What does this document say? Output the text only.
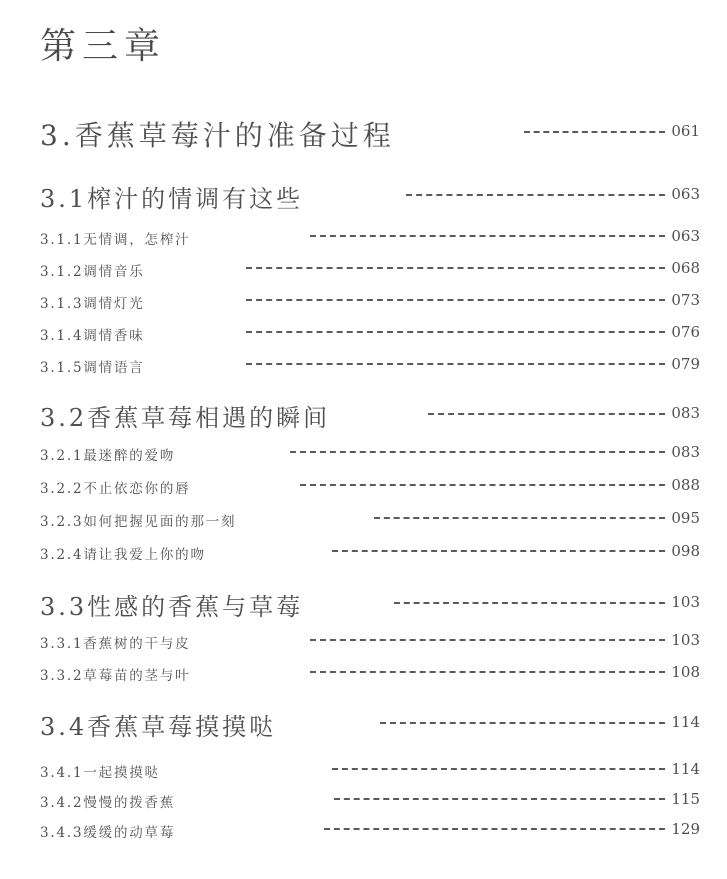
第三章
3.香蕉草莓汁的准备过程	061
3.1榨汁的情调有这些	063
3.1.1无情调，怎榨汁	063
3.1.2调情音乐	068
3.1.3调情灯光	073
3.1.4调情香味	076
3.1.5调情语言	079
3.2香蕉草莓相遇的瞬间	083
3.2.1最迷醉的爱吻	083
3.2.2不止依恋你的唇	088
3.2.3如何把握见面的那一刻	095
3.2.4请让我爱上你的吻	098
3.3性感的香蕉与草莓	103
3.3.1香蕉树的干与皮	103
3.3.2草莓苗的茎与叶	108
3.4香蕉草莓摸摸哒	114
3.4.1一起摸摸哒	114
3.4.2慢慢的拨香蕉	115
3.4.3缓缓的动草莓	129
